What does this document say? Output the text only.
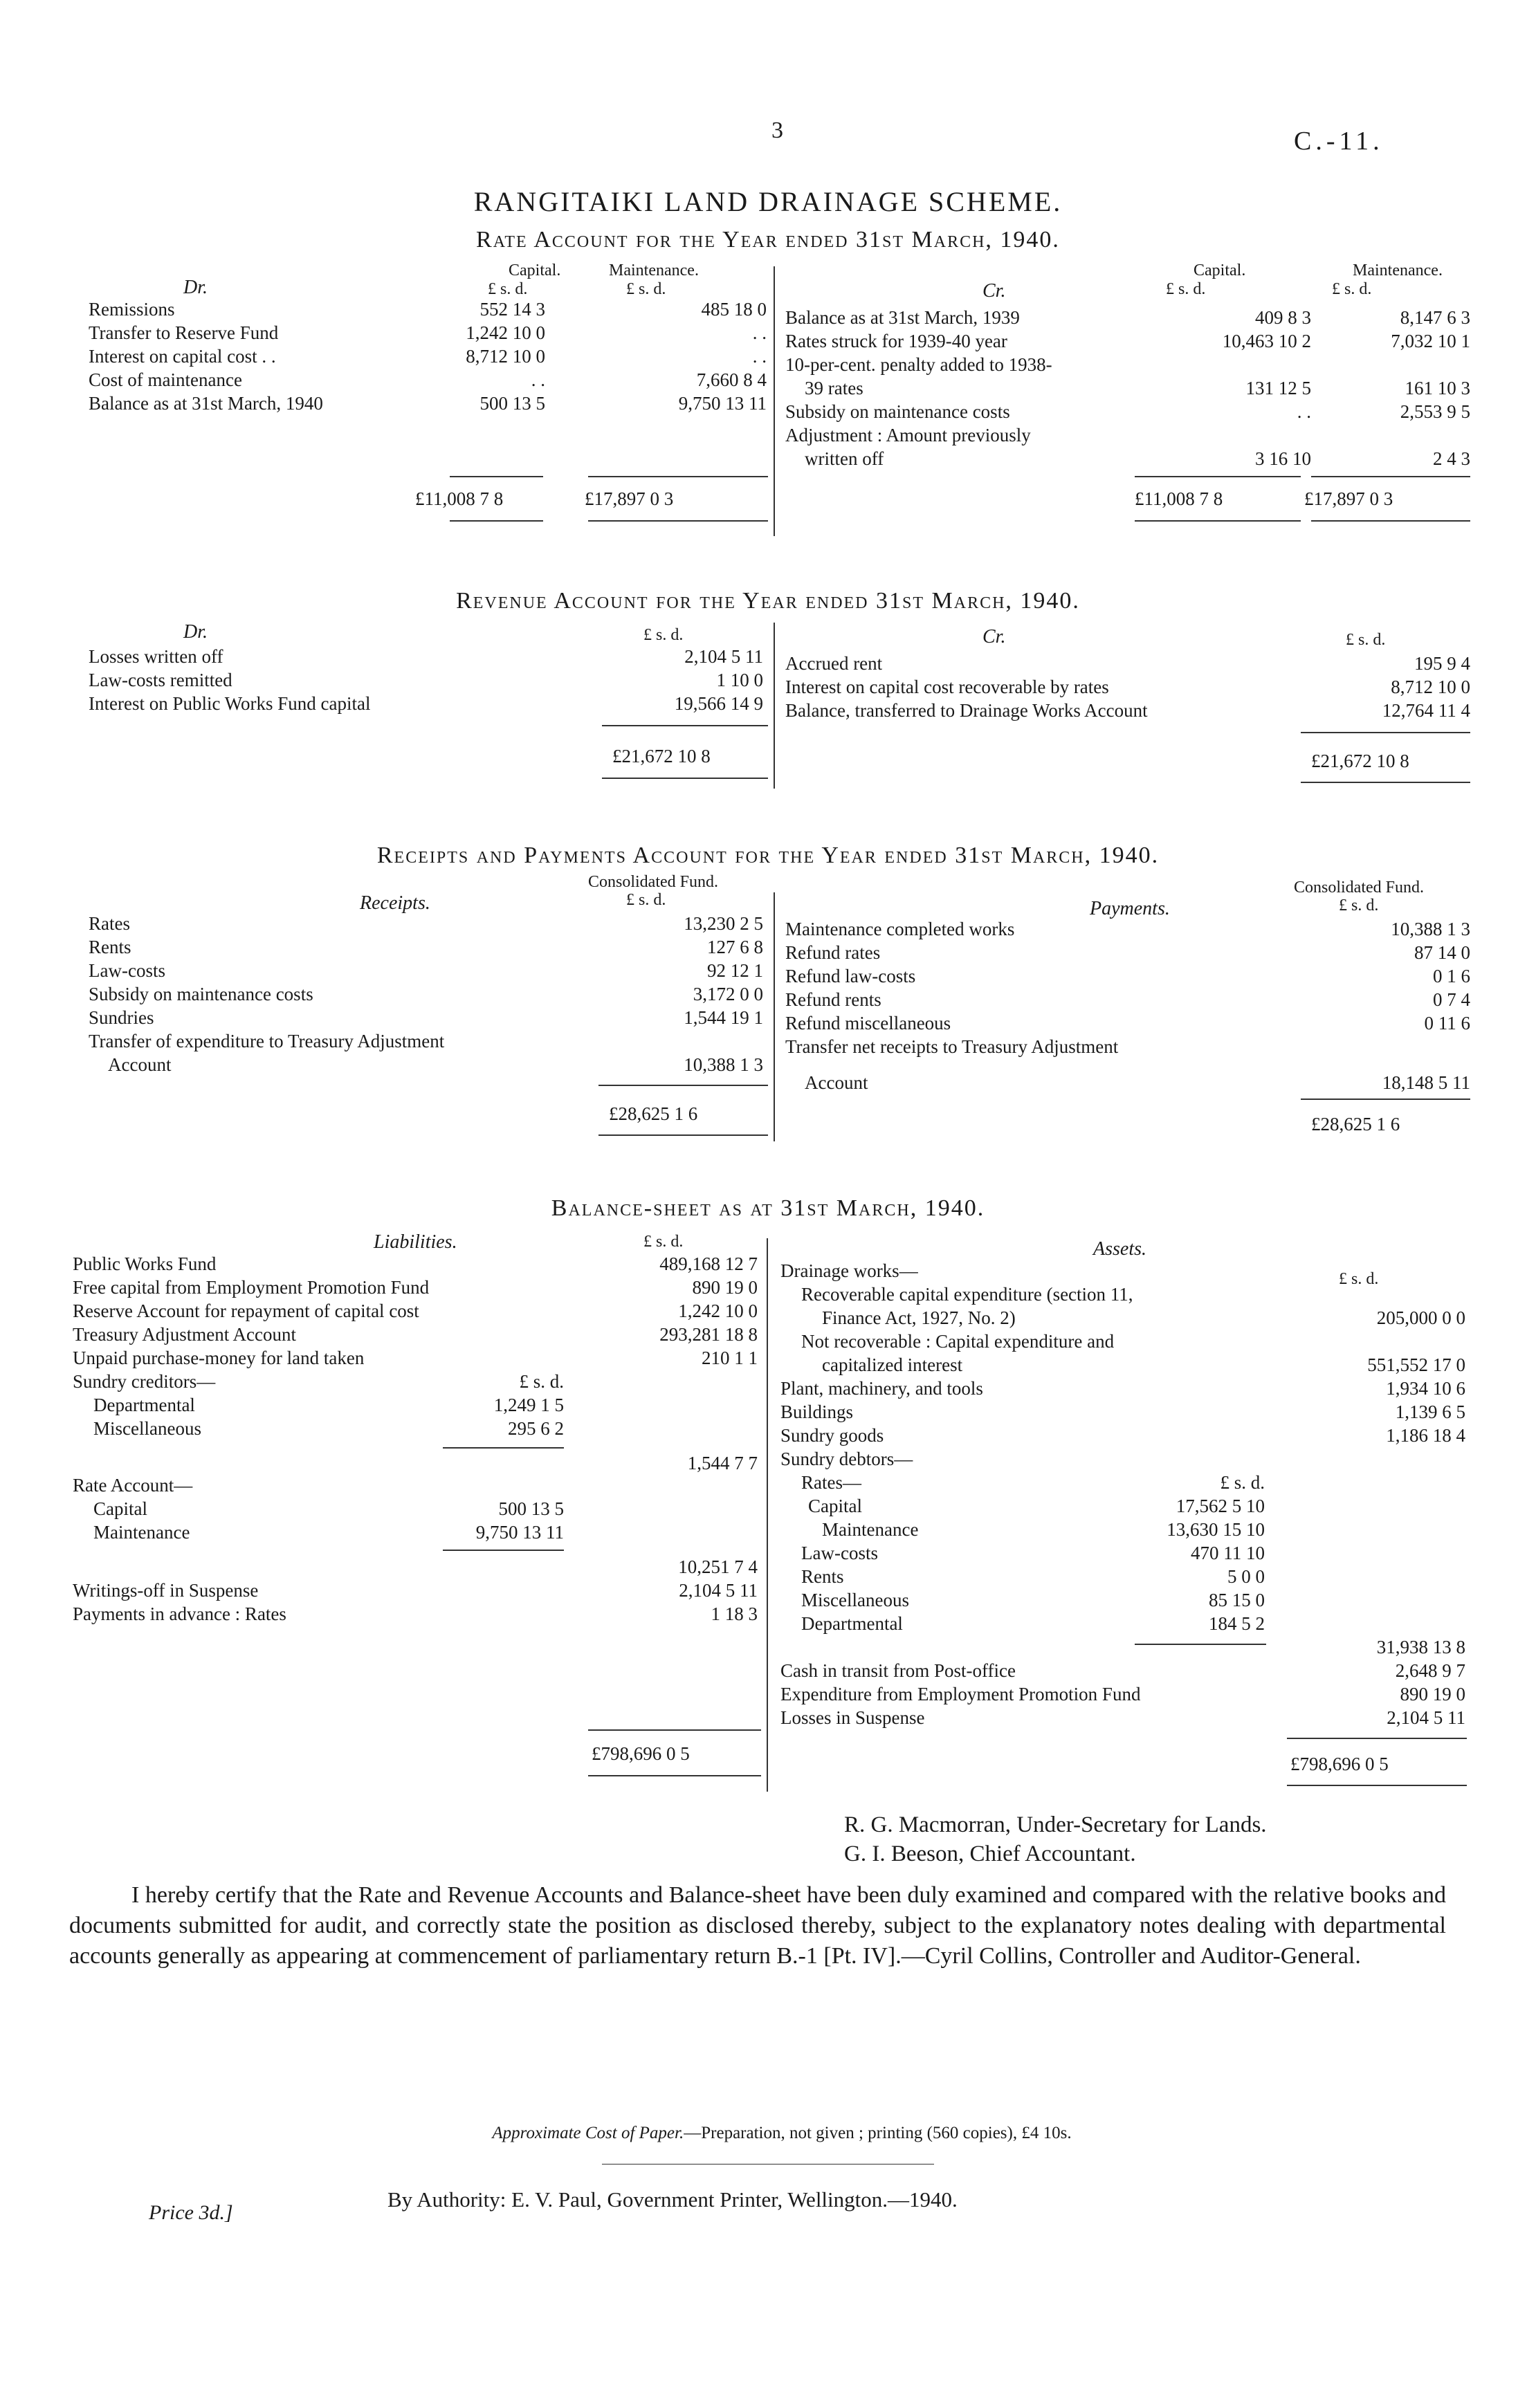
3	C.-11.
RANGITAIKI LAND DRAINAGE SCHEME.
Rate Account for the Year ended 31st March, 1940.
Dr.
Capital.	Maintenance.
£ s. d.	£ s. d.
Remissions	552 14 3	485 18 0
Transfer to Reserve Fund	1,242 10 0	. .
Interest on capital cost . .	8,712 10 0	. .
Cost of maintenance	. .	7,660 8 4
Balance as at 31st March, 1940	500 13 5	9,750 13 11
£11,008 7 8	£17,897 0 3
Cr.
Capital.	Maintenance.
£ s. d.	£ s. d.
Balance as at 31st March, 1939	409 8 3	8,147 6 3
Rates struck for 1939-40 year	10,463 10 2	7,032 10 1
10-per-cent. penalty added to 1938-
39 rates	131 12 5	161 10 3
Subsidy on maintenance costs	. .	2,553 9 5
Adjustment : Amount previously
written off	3 16 10	2 4 3
£11,008 7 8	£17,897 0 3
Revenue Account for the Year ended 31st March, 1940.
Dr.	£ s. d.
Losses written off	2,104 5 11
Law-costs remitted	1 10 0
Interest on Public Works Fund capital	19,566 14 9
£21,672 10 8
Cr.	£ s. d.
Accrued rent	195 9 4
Interest on capital cost recoverable by rates	8,712 10 0
Balance, transferred to Drainage Works Account	12,764 11 4
£21,672 10 8
Receipts and Payments Account for the Year ended 31st March, 1940.
Receipts.
Consolidated Fund.
£ s. d.
Rates	13,230 2 5
Rents	127 6 8
Law-costs	92 12 1
Subsidy on maintenance costs	3,172 0 0
Sundries	1,544 19 1
Transfer of expenditure to Treasury Adjustment
Account	10,388 1 3
£28,625 1 6
Payments.
Consolidated Fund.
£ s. d.
Maintenance completed works	10,388 1 3
Refund rates	87 14 0
Refund law-costs	0 1 6
Refund rents	0 7 4
Refund miscellaneous	0 11 6
Transfer net receipts to Treasury Adjustment
Account	18,148 5 11
£28,625 1 6
Balance-sheet as at 31st March, 1940.
Liabilities.	£ s. d.
Public Works Fund	489,168 12 7
Free capital from Employment Promotion Fund	890 19 0
Reserve Account for repayment of capital cost	1,242 10 0
Treasury Adjustment Account	293,281 18 8
Unpaid purchase-money for land taken	210 1 1
Sundry creditors—	£ s. d.
Departmental	1,249 1 5
Miscellaneous	295 6 2
1,544 7 7
Rate Account—
Capital	500 13 5
Maintenance	9,750 13 11
10,251 7 4
Writings-off in Suspense	2,104 5 11
Payments in advance : Rates	1 18 3
£798,696 0 5
Assets.
£ s. d.
Drainage works—
Recoverable capital expenditure (section 11,
Finance Act, 1927, No. 2)	205,000 0 0
Not recoverable : Capital expenditure and
capitalized interest	551,552 17 0
Plant, machinery, and tools	1,934 10 6
Buildings	1,139 6 5
Sundry goods	1,186 18 4
Sundry debtors—
Rates—	£ s. d.
Capital	17,562 5 10
Maintenance	13,630 15 10
Law-costs	470 11 10
Rents	5 0 0
Miscellaneous	85 15 0
Departmental	184 5 2
31,938 13 8
Cash in transit from Post-office	2,648 9 7
Expenditure from Employment Promotion Fund	890 19 0
Losses in Suspense	2,104 5 11
£798,696 0 5
R. G. Macmorran, Under-Secretary for Lands.
G. I. Beeson, Chief Accountant.
I hereby certify that the Rate and Revenue Accounts and Balance-sheet have been duly examined and compared with the relative books and documents submitted for audit, and correctly state the position as disclosed thereby, subject to the explanatory notes dealing with departmental accounts generally as appearing at commencement of parliamentary return B.-1 [Pt. IV].—Cyril Collins, Controller and Auditor-General.
Approximate Cost of Paper.—Preparation, not given ; printing (560 copies), £4 10s.
By Authority: E. V. Paul, Government Printer, Wellington.—1940.
Price 3d.]
